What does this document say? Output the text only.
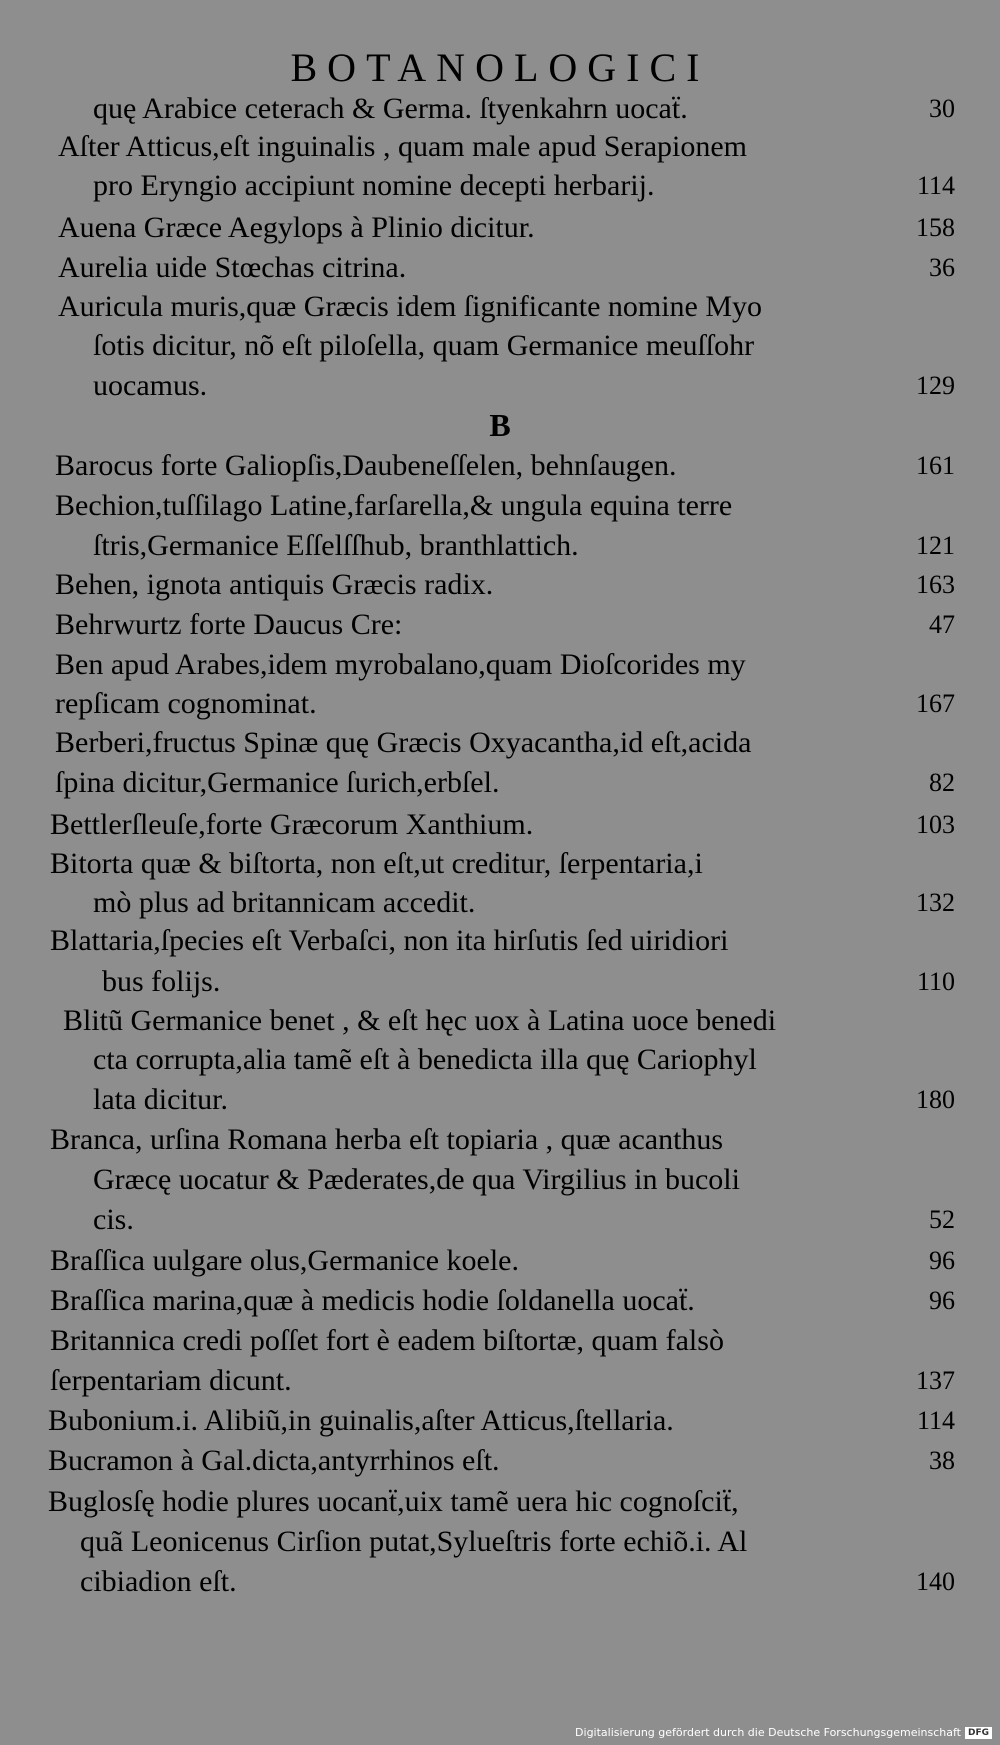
BOTANOLOGICI
B
quę Arabice ceterach & Germa. ſtyenkahrn uocaẗ.	30
Aſter Atticus,eſt inguinalis , quam male apud Serapionem
pro Eryngio accipiunt nomine decepti herbarij.	114
Auena Græce Aegylops à Plinio dicitur.	158
Aurelia uide Stœchas citrina.	36
Auricula muris,quæ Græcis idem ſignificante nomine Myo
ſotis dicitur, nõ eſt piloſella, quam Germanice meuſſohr
uocamus.	129
Barocus forte Galiopſis,Daubeneſſelen, behnſaugen.	161
Bechion,tuſſilago Latine,farſarella,& ungula equina terre
ſtris,Germanice Eſſelſſhub, branthlattich.	121
Behen, ignota antiquis Græcis radix.	163
Behrwurtz forte Daucus Cre:	47
Ben apud Arabes,idem myrobalano,quam Dioſcorides my
repſicam cognominat.	167
Berberi,fructus Spinæ quę Græcis Oxyacantha,id eſt,acida
ſpina dicitur,Germanice ſurich,erbſel.	82
Bettlerſleuſe,forte Græcorum Xanthium.	103
Bitorta quæ & biſtorta, non eſt,ut creditur, ſerpentaria,i
mò plus ad britannicam accedit.	132
Blattaria,ſpecies eſt Verbaſci, non ita hirſutis ſed uiridiori
bus folijs.	110
Blitũ Germanice benet , & eſt hęc uox à Latina uoce benedi
cta corrupta,alia tamẽ eſt à benedicta illa quę Cariophyl
lata dicitur.	180
Branca, urſina Romana herba eſt topiaria , quæ acanthus
Græcę uocatur & Pæderates,de qua Virgilius in bucoli
cis.	52
Braſſica uulgare olus,Germanice koele.	96
Braſſica marina,quæ à medicis hodie ſoldanella uocaẗ.	96
Britannica credi poſſet fort è eadem biſtortæ, quam falsò
ſerpentariam dicunt.	137
Bubonium.i. Alibiũ,in guinalis,aſter Atticus,ſtellaria.	114
Bucramon à Gal.dicta,antyrrhinos eſt.	38
Buglosſę hodie plures uocanẗ,uix tamẽ uera hic cognoſciẗ,
quã Leonicenus Cirſion putat,Sylueſtris forte echiõ.i. Al
cibiadion eſt.	140
Digitalisierung gefördert durch die Deutsche Forschungsgemeinschaft DFG
